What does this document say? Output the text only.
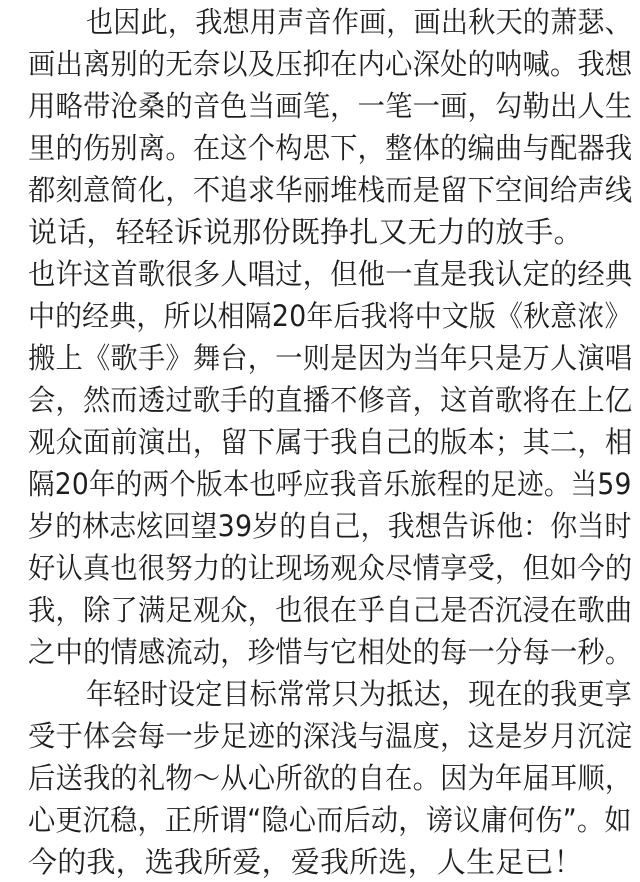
也因此，我想用声音作画，画出秋天的萧瑟、
画出离别的无奈以及压抑在内心深处的呐喊。我想
用略带沧桑的音色当画笔，一笔一画，勾勒出人生
里的伤别离。在这个构思下，整体的编曲与配器我
都刻意简化，不追求华丽堆栈而是留下空间给声线
说话，轻轻诉说那份既挣扎又无力的放手。
也许这首歌很多人唱过，但他一直是我认定的经典
中的经典，所以相隔20年后我将中文版《秋意浓》
搬上《歌手》舞台，一则是因为当年只是万人演唱
会，然而透过歌手的直播不修音，这首歌将在上亿
观众面前演出，留下属于我自己的版本；其二，相
隔20年的两个版本也呼应我音乐旅程的足迹。当59
岁的林志炫回望39岁的自己，我想告诉他：你当时
好认真也很努力的让现场观众尽情享受，但如今的
我，除了满足观众，也很在乎自己是否沉浸在歌曲
之中的情感流动，珍惜与它相处的每一分每一秒。
年轻时设定目标常常只为抵达，现在的我更享
受于体会每一步足迹的深浅与温度，这是岁月沉淀
后送我的礼物～从心所欲的自在。因为年届耳顺，
心更沉稳，正所谓“隐心而后动，谤议庸何伤”。如
今的我，选我所爱，爱我所选，人生足已！
